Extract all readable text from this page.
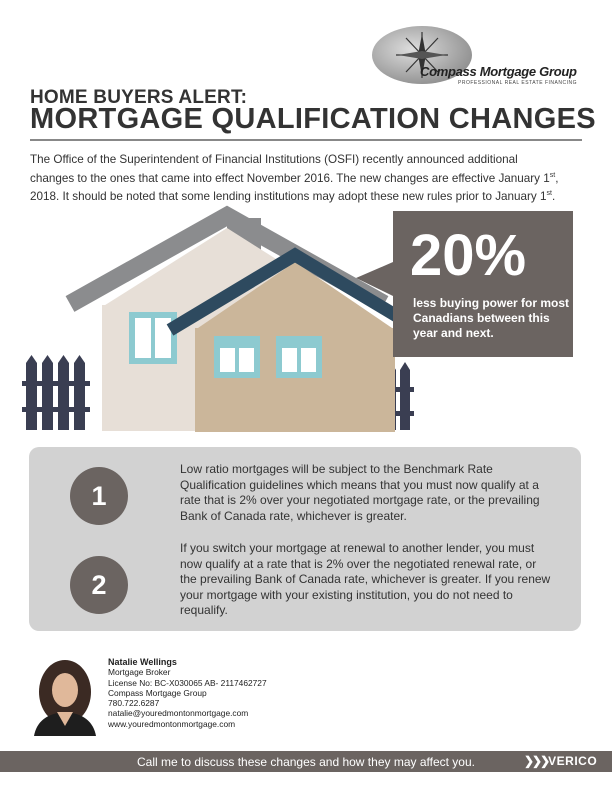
Compass Mortgage Group
PROFESSIONAL REAL ESTATE FINANCING
HOME BUYERS ALERT:
MORTGAGE QUALIFICATION CHANGES

The Office of the Superintendent of Financial Institutions (OSFI) recently announced additional

changes to the ones that came into effect November 2016. The new changes are effective January 1st,

2018. It should be noted that some lending institutions may adopt these new rules prior to January 1st.

20%
less buying power for most Canadians between this year and next.
1
Low ratio mortgages will be subject to the Benchmark Rate Qualification guidelines which means that you must now qualify at a rate that is 2% over your negotiated mortgage rate, or the prevailing Bank of Canada rate, whichever is greater.
2
If you switch your mortgage at renewal to another lender, you must now qualify at a rate that is 2% over the negotiated renewal rate, or the prevailing Bank of Canada rate, whichever is greater. If you renew your mortgage with your existing institution, you do not need to requalify.
Natalie Wellings
Mortgage Broker
License No: BC-X030065 AB- 2117462727
Compass Mortgage Group
780.722.6287
natalie@youredmontonmortgage.com
www.youredmontonmortgage.com
Call me to discuss these changes and how they may affect you.	❯❯❯VERICO
